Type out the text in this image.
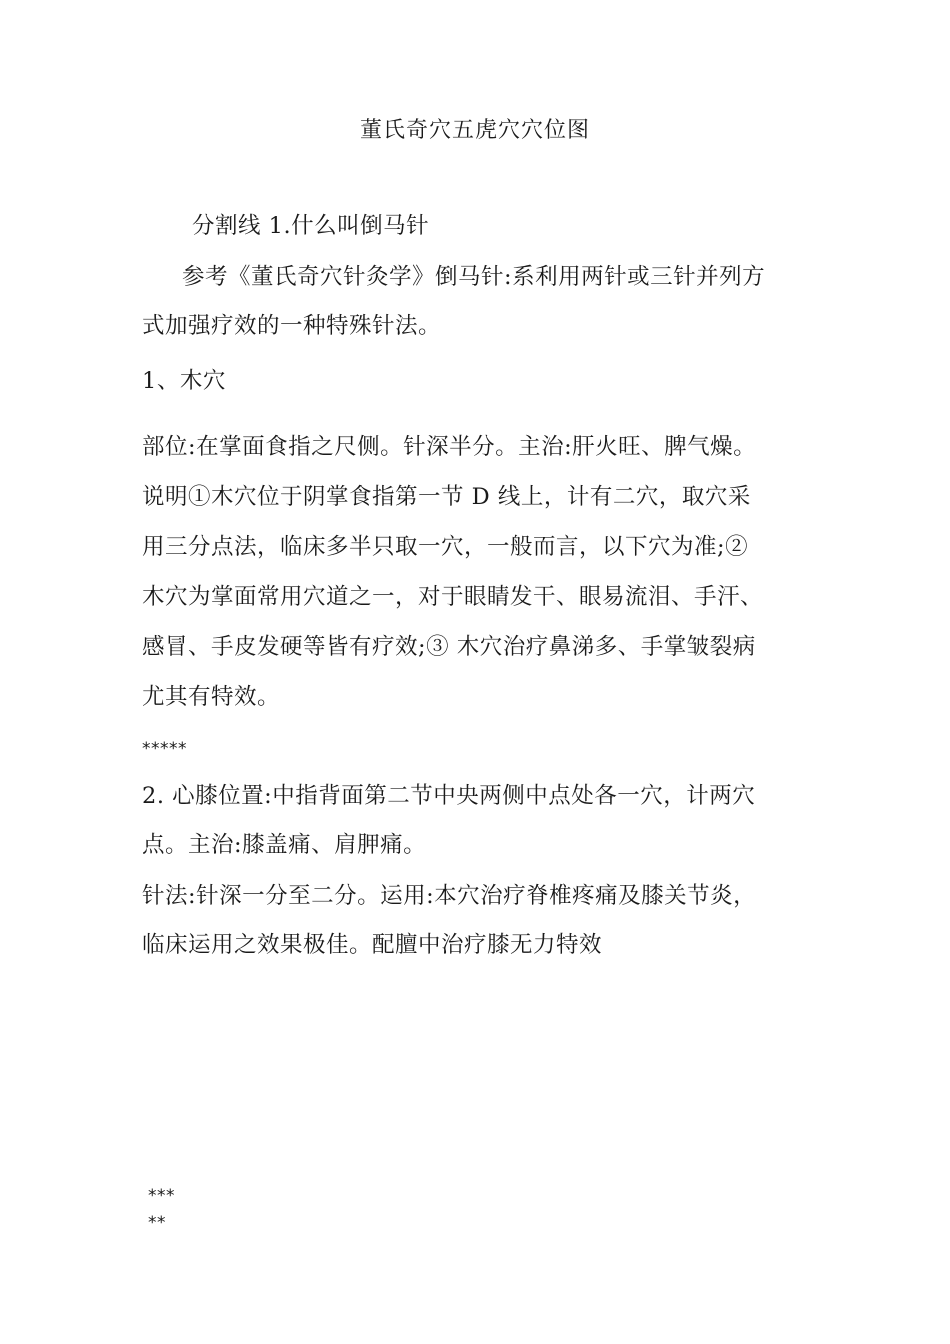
董氏奇穴五虎穴穴位图
分割线 1.什么叫倒马针
参考《董氏奇穴针灸学》倒马针:系利用两针或三针并列方
式加强疗效的一种特殊针法。
1、木穴
部位:在掌面食指之尺侧。针深半分。主治:肝火旺、脾气燥。
说明①木穴位于阴掌食指第一节 D 线上，计有二穴，取穴采
用三分点法，临床多半只取一穴，一般而言，以下穴为准;②
木穴为掌面常用穴道之一，对于眼睛发干、眼易流泪、手汗、
感冒、手皮发硬等皆有疗效;③ 木穴治疗鼻涕多、手掌皱裂病
尤其有特效。
*****
2. 心膝位置:中指背面第二节中央两侧中点处各一穴，计两穴
点。主治:膝盖痛、肩胛痛。
针法:针深一分至二分。运用:本穴治疗脊椎疼痛及膝关节炎，
临床运用之效果极佳。配膻中治疗膝无力特效
***
**
